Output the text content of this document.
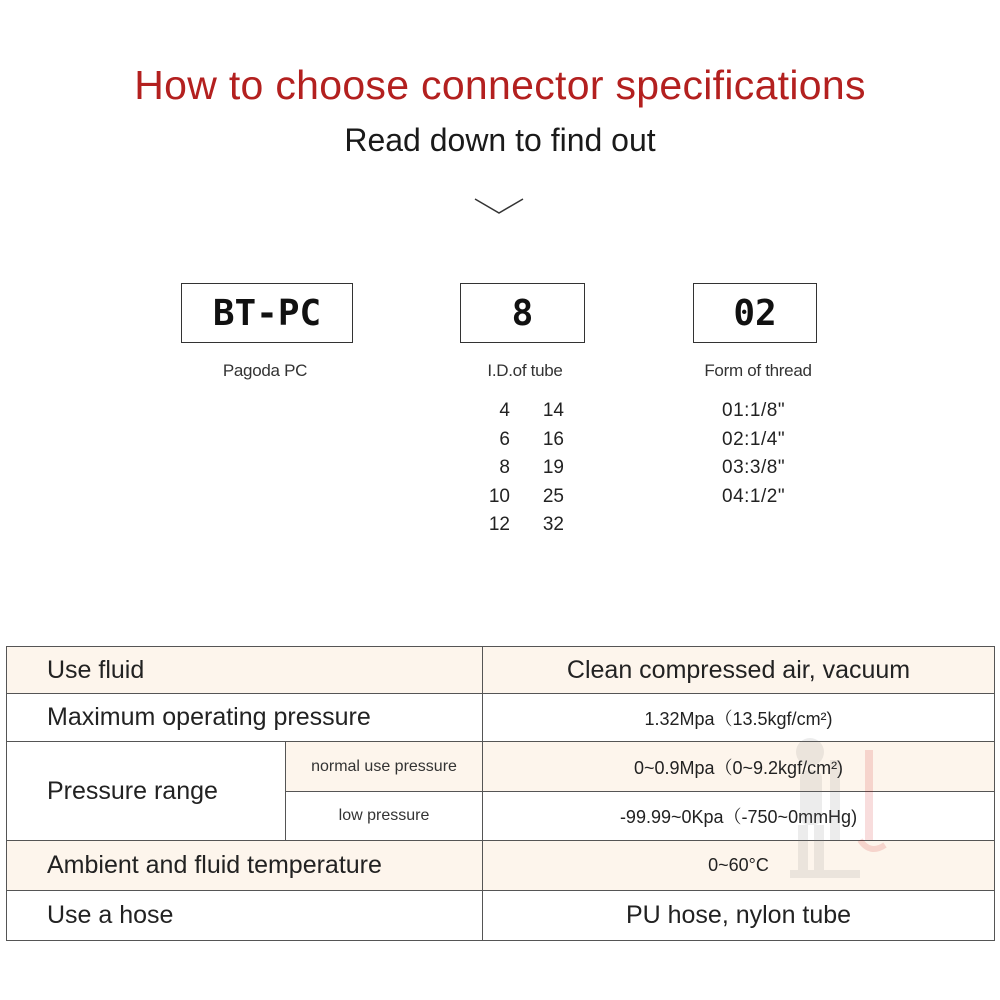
How to choose connector specifications
Read down to find out
BT-PC	8	02
Pagoda PC	I.D.of tube	Form of thread
4	14
6	16
8	19
10	25
12	32
01:1/8"
02:1/4"
03:3/8"
04:1/2"
Use fluid		Clean compressed air, vacuum
Maximum operating pressure		1.32Mpa（13.5kgf/cm²)
Pressure range	normal use pressure	0~0.9Mpa（0~9.2kgf/cm²)
	low pressure	-99.99~0Kpa（-750~0mmHg)
Ambient and fluid temperature		0~60°C
Use a hose		PU hose, nylon tube
